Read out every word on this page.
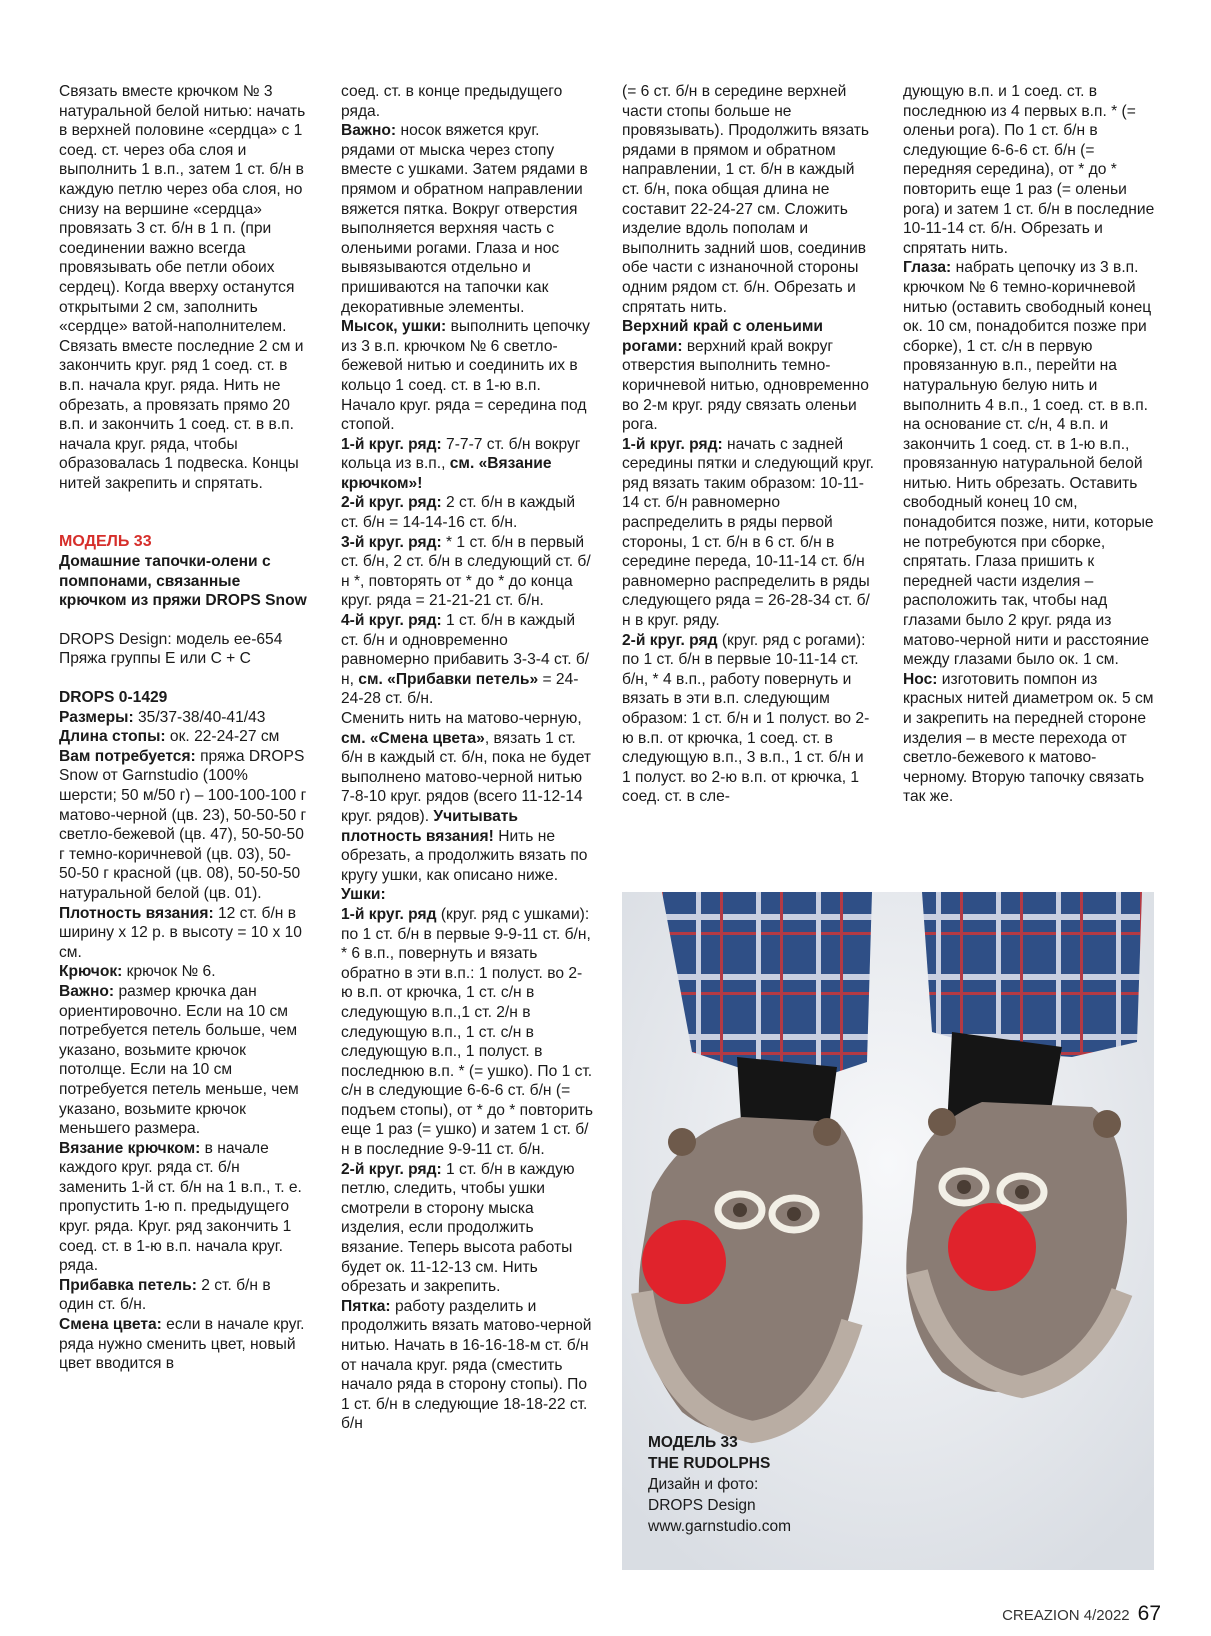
Связать вместе крючком № 3 натуральной белой нитью: начать в верхней половине «сердца» с 1 соед. ст. через оба слоя и выполнить 1 в.п., затем 1 ст. б/н в каждую петлю через оба слоя, но снизу на вершине «сердца» провязать 3 ст. б/н в 1 п. (при соединении важно всегда провязывать обе петли обоих сердец). Когда вверху останутся открытыми 2 см, заполнить «сердце» ватой-наполнителем.

Связать вместе последние 2 см и закончить круг. ряд 1 соед. ст. в в.п. начала круг. ряда. Нить не обрезать, а провязать прямо 20 в.п. и закончить 1 соед. ст. в в.п. начала круг. ряда, чтобы образовалась 1 подвеска. Концы нитей закрепить и спрятать.

МОДЕЛЬ 33

Домашние тапочки-олени с помпонами, связанные крючком из пряжи DROPS Snow

DROPS Design: модель ee-654

Пряжа группы E или C + C

DROPS 0-1429

Размеры: 35/37-38/40-41/43

Длина стопы: ок. 22-24-27 см

Вам потребуется: пряжа DROPS Snow от Garnstudio (100% шерсти; 50 м/50 г) – 100-100-100 г матово-черной (цв. 23), 50-50-50 г светло-бежевой (цв. 47), 50-50-50 г темно-коричневой (цв. 03), 50-50-50 г красной (цв. 08), 50-50-50 натуральной белой (цв. 01).

Плотность вязания: 12 ст. б/н в ширину х 12 р. в высоту = 10 х 10 см.

Крючок: крючок № 6.

Важно: размер крючка дан ориентировочно. Если на 10 см потребуется петель больше, чем указано, возьмите крючок потолще. Если на 10 см потребуется петель меньше, чем указано, возьмите крючок меньшего размера.

Вязание крючком: в начале каждого круг. ряда ст. б/н заменить 1-й ст. б/н на 1 в.п., т. е. пропустить 1-ю п. предыдущего круг. ряда. Круг. ряд закончить 1 соед. ст. в 1-ю в.п. начала круг. ряда.

Прибавка петель: 2 ст. б/н в один ст. б/н.

Смена цвета: если в начале круг. ряда нужно сменить цвет, новый цвет вводится в

соед. ст. в конце предыдущего ряда.

Важно: носок вяжется круг. рядами от мыска через стопу вместе с ушками. Затем рядами в прямом и обратном направлении вяжется пятка. Вокруг отверстия выполняется верхняя часть с оленьими рогами. Глаза и нос вывязываются отдельно и пришиваются на тапочки как декоративные элементы.

Мысок, ушки: выполнить цепочку из 3 в.п. крючком № 6 светло-бежевой нитью и соединить их в кольцо 1 соед. ст. в 1-ю в.п. Начало круг. ряда = середина под стопой.

1-й круг. ряд: 7-7-7 ст. б/н вокруг кольца из в.п., см. «Вязание крючком»!

2-й круг. ряд: 2 ст. б/н в каждый ст. б/н = 14-14-16 ст. б/н.

3-й круг. ряд: * 1 ст. б/н в первый ст. б/н, 2 ст. б/н в следующий ст. б/н *, повторять от * до * до конца круг. ряда = 21-21-21 ст. б/н.

4-й круг. ряд: 1 ст. б/н в каждый ст. б/н и одновременно равномерно прибавить 3-3-4 ст. б/н, см. «Прибавки петель» = 24-24-28 ст. б/н.

Сменить нить на матово-черную, см. «Смена цвета», вязать 1 ст. б/н в каждый ст. б/н, пока не будет выполнено матово-черной нитью 7-8-10 круг. рядов (всего 11-12-14 круг. рядов). Учитывать плотность вязания! Нить не обрезать, а продолжить вязать по кругу ушки, как описано ниже.

Ушки:

1-й круг. ряд (круг. ряд с ушками): по 1 ст. б/н в первые 9-9-11 ст. б/н, * 6 в.п., повернуть и вязать обратно в эти в.п.: 1 полуст. во 2-ю в.п. от крючка, 1 ст. с/н в следующую в.п.,1 ст. 2/н в следующую в.п., 1 ст. с/н в следующую в.п., 1 полуст. в последнюю в.п. * (= ушко). По 1 ст. с/н в следующие 6-6-6 ст. б/н (= подъем стопы), от * до * повторить еще 1 раз (= ушко) и затем 1 ст. б/н в последние 9-9-11 ст. б/н.

2-й круг. ряд: 1 ст. б/н в каждую петлю, следить, чтобы ушки смотрели в сторону мыска изделия, если продолжить вязание. Теперь высота работы будет ок. 11-12-13 см. Нить обрезать и закрепить.

Пятка: работу разделить и продолжить вязать матово-черной нитью. Начать в 16-16-18-м ст. б/н от начала круг. ряда (сместить начало ряда в сторону стопы). По 1 ст. б/н в следующие 18-18-22 ст. б/н

(= 6 ст. б/н в середине верхней части стопы больше не провязывать). Продолжить вязать рядами в прямом и обратном направлении, 1 ст. б/н в каждый ст. б/н, пока общая длина не составит 22-24-27 см. Сложить изделие вдоль пополам и выполнить задний шов, соединив обе части с изнаночной стороны одним рядом ст. б/н. Обрезать и спрятать нить.

Верхний край с оленьими рогами: верхний край вокруг отверстия выполнить темно-коричневой нитью, одновременно во 2-м круг. ряду связать оленьи рога.

1-й круг. ряд: начать с задней середины пятки и следующий круг. ряд вязать таким образом: 10-11-14 ст. б/н равномерно распределить в ряды первой стороны, 1 ст. б/н в 6 ст. б/н в середине переда, 10-11-14 ст. б/н равномерно распределить в ряды следующего ряда = 26-28-34 ст. б/н в круг. ряду.

2-й круг. ряд (круг. ряд с рогами): по 1 ст. б/н в первые 10-11-14 ст. б/н, * 4 в.п., работу повернуть и вязать в эти в.п. следующим образом: 1 ст. б/н и 1 полуст. во 2-ю в.п. от крючка, 1 соед. ст. в следующую в.п., 3 в.п., 1 ст. б/н и 1 полуст. во 2-ю в.п. от крючка, 1 соед. ст. в сле-

дующую в.п. и 1 соед. ст. в последнюю из 4 первых в.п. * (= оленьи рога). По 1 ст. б/н в следующие 6-6-6 ст. б/н (= передняя середина), от * до * повторить еще 1 раз (= оленьи рога) и затем 1 ст. б/н в последние 10-11-14 ст. б/н. Обрезать и спрятать нить.

Глаза: набрать цепочку из 3 в.п. крючком № 6 темно-коричневой нитью (оставить свободный конец ок. 10 см, понадобится позже при сборке), 1 ст. с/н в первую провязанную в.п., перейти на натуральную белую нить и выполнить 4 в.п., 1 соед. ст. в в.п. на основание ст. с/н, 4 в.п. и закончить 1 соед. ст. в 1-ю в.п., провязанную натуральной белой нитью. Нить обрезать. Оставить свободный конец 10 см, понадобится позже, нити, которые не потребуются при сборке, спрятать. Глаза пришить к передней части изделия – расположить так, чтобы над глазами было 2 круг. ряда из матово-черной нити и расстояние между глазами было ок. 1 см.

Нос: изготовить помпон из красных нитей диаметром ок. 5 см и закрепить на передней стороне изделия – в месте перехода от светло-бежевого к матово-черному. Вторую тапочку связать так же.

МОДЕЛЬ 33
THE RUDOLPHS
Дизайн и фото:
DROPS Design
www.garnstudio.com
CREAZION 4/2022 67
